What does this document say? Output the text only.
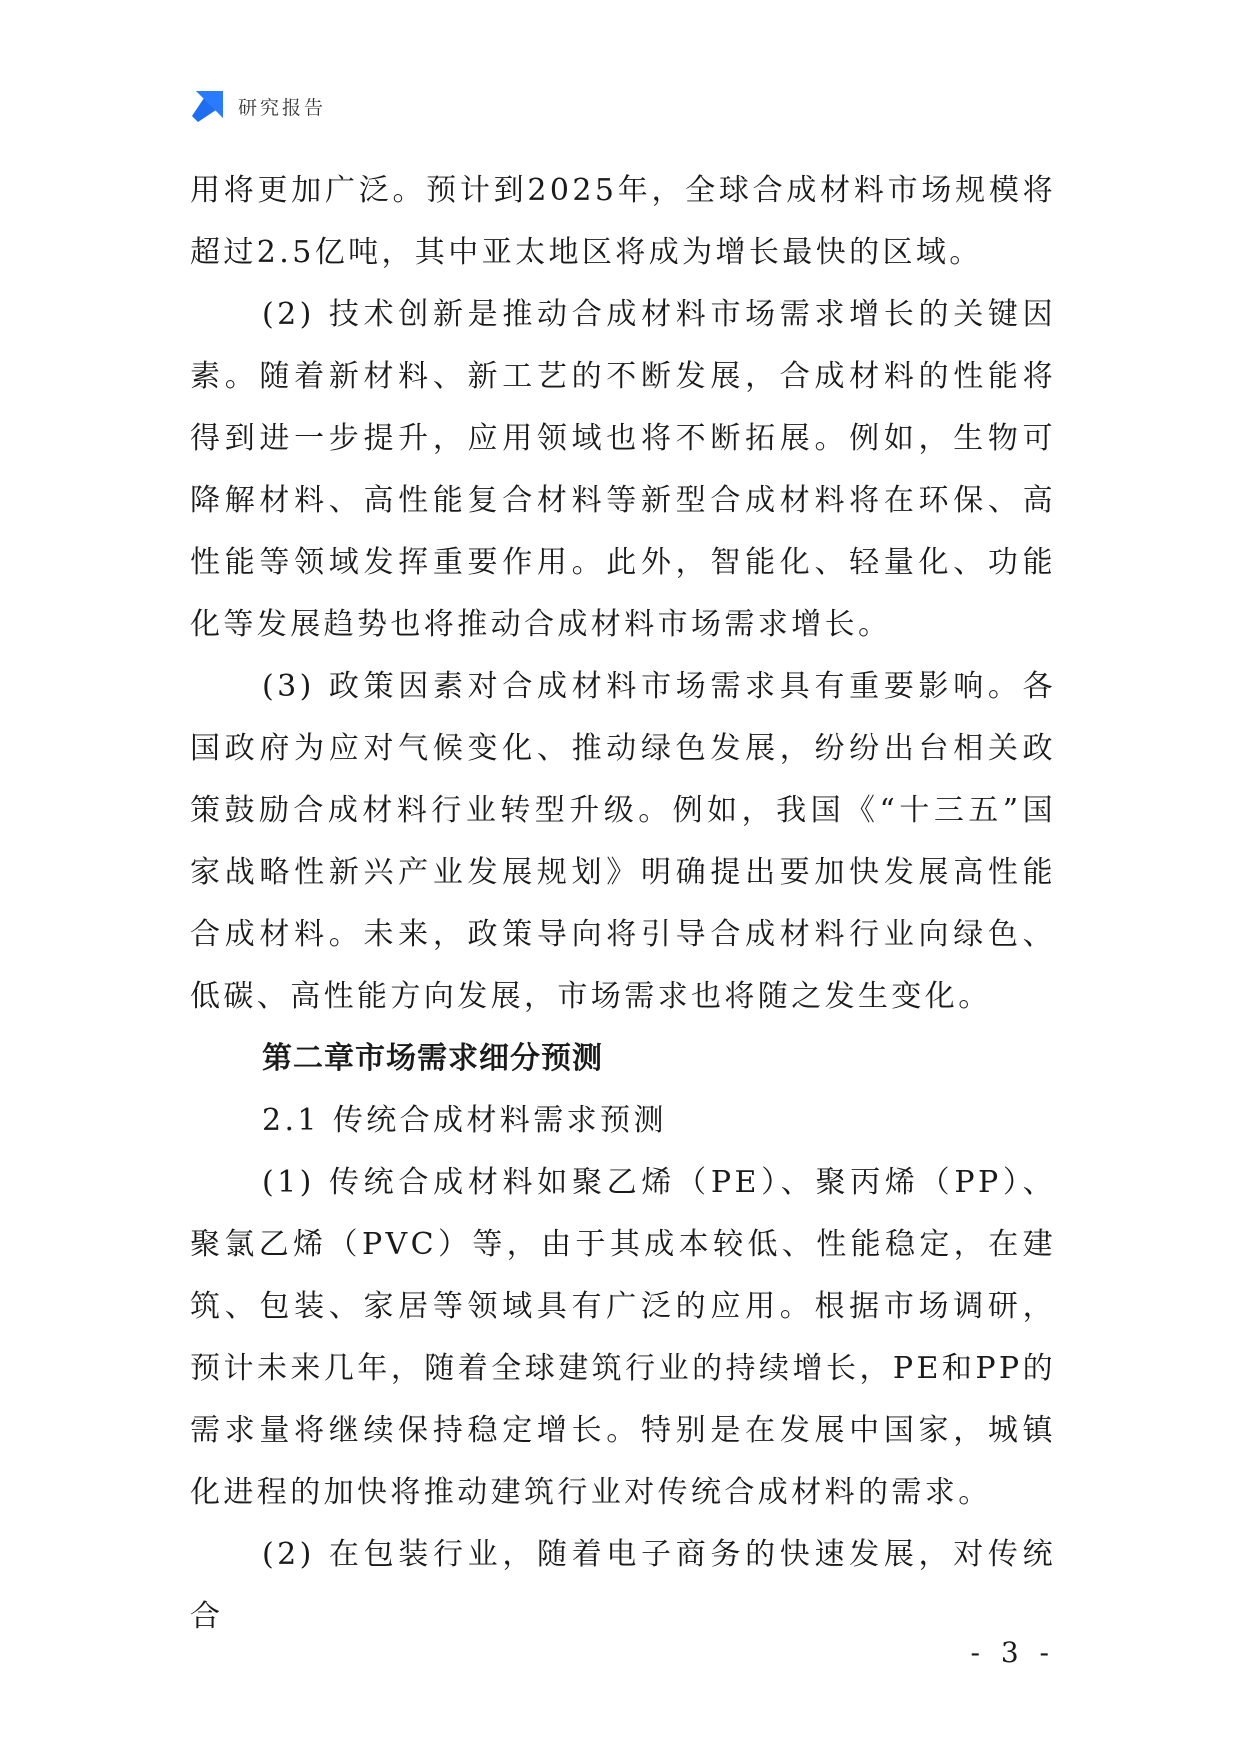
研究报告

用将更加广泛。预计到2025年，全球合成材料市场规模将超过2.5亿吨，其中亚太地区将成为增长最快的区域。

(2) 技术创新是推动合成材料市场需求增长的关键因素。随着新材料、新工艺的不断发展，合成材料的性能将得到进一步提升，应用领域也将不断拓展。例如，生物可降解材料、高性能复合材料等新型合成材料将在环保、高性能等领域发挥重要作用。此外，智能化、轻量化、功能化等发展趋势也将推动合成材料市场需求增长。

(3) 政策因素对合成材料市场需求具有重要影响。各国政府为应对气候变化、推动绿色发展，纷纷出台相关政策鼓励合成材料行业转型升级。例如，我国《“十三五”国家战略性新兴产业发展规划》明确提出要加快发展高性能合成材料。未来，政策导向将引导合成材料行业向绿色、低碳、高性能方向发展，市场需求也将随之发生变化。

第二章市场需求细分预测

2.1 传统合成材料需求预测

(1) 传统合成材料如聚乙烯（PE）、聚丙烯（PP）、聚氯乙烯（PVC）等，由于其成本较低、性能稳定，在建筑、包装、家居等领域具有广泛的应用。根据市场调研，预计未来几年，随着全球建筑行业的持续增长，PE和PP的需求量将继续保持稳定增长。特别是在发展中国家，城镇化进程的加快将推动建筑行业对传统合成材料的需求。

(2) 在包装行业，随着电子商务的快速发展，对传统合

- 3 -
